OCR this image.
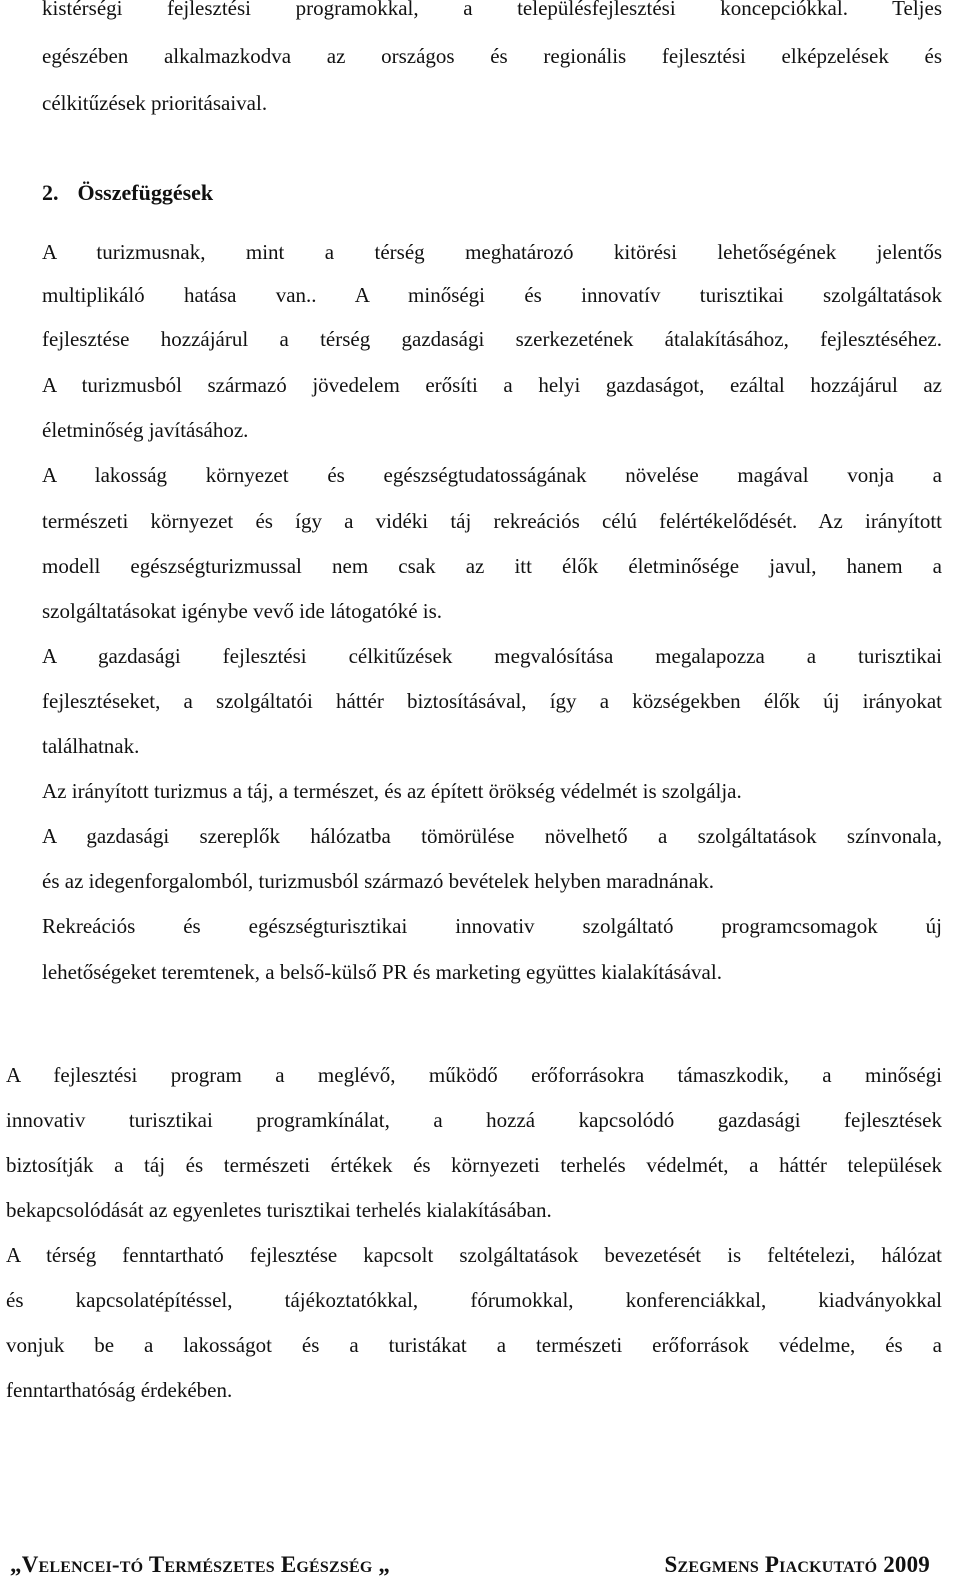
kistérségi fejlesztési programokkal, a településfejlesztési koncepciókkal. Teljes
egészében alkalmazkodva az országos és regionális fejlesztési elképzelések és
célkitűzések prioritásaival.
2. Összefüggések
A turizmusnak, mint a térség meghatározó kitörési lehetőségének jelentős
multiplikáló hatása van.. A minőségi és innovatív turisztikai szolgáltatások
fejlesztése hozzájárul a térség gazdasági szerkezetének átalakításához, fejlesztéséhez.
A turizmusból származó jövedelem erősíti a helyi gazdaságot, ezáltal hozzájárul az
életminőség javításához.
A lakosság környezet és egészségtudatosságának növelése magával vonja a
természeti környezet és így a vidéki táj rekreációs célú felértékelődését. Az irányított
modell egészségturizmussal nem csak az itt élők életminősége javul, hanem a
szolgáltatásokat igénybe vevő ide látogatóké is.
A gazdasági fejlesztési célkitűzések megvalósítása megalapozza a turisztikai
fejlesztéseket, a szolgáltatói háttér biztosításával, így a községekben élők új irányokat
találhatnak.
Az irányított turizmus a táj, a természet, és az épített örökség védelmét is szolgálja.
A gazdasági szereplők hálózatba tömörülése növelhető a szolgáltatások színvonala,
és az idegenforgalomból, turizmusból származó bevételek helyben maradnának.
Rekreációs és egészségturisztikai innovativ szolgáltató programcsomagok új
lehetőségeket teremtenek, a belső-külső PR és marketing együttes kialakításával.
A fejlesztési program a meglévő, működő erőforrásokra támaszkodik, a minőségi
innovativ turisztikai programkínálat, a hozzá kapcsolódó gazdasági fejlesztések
biztosítják a táj és természeti értékek és környezeti terhelés védelmét, a háttér települések
bekapcsolódását az egyenletes turisztikai terhelés kialakításában.
A térség fenntartható fejlesztése kapcsolt szolgáltatások bevezetését is feltételezi, hálózat
és kapcsolatépítéssel, tájékoztatókkal, fórumokkal, konferenciákkal, kiadványokkal
vonjuk be a lakosságot és a turistákat a természeti erőforrások védelme, és a
fenntarthatóság érdekében.
„Velencei-tó Természetes Egészség „	Szegmens Piackutató 2009
